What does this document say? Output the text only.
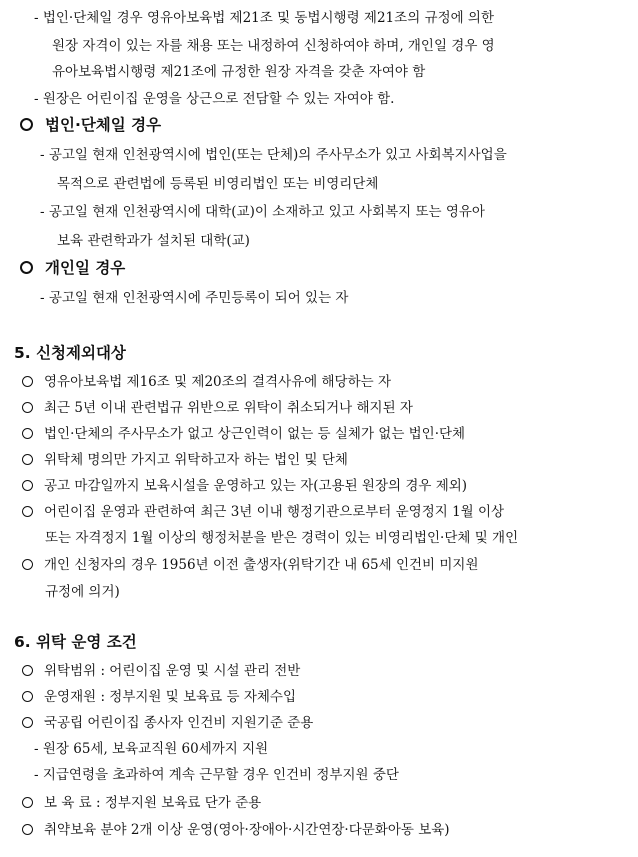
- 법인·단체일 경우 영유아보육법 제21조 및 동법시행령 제21조의 규정에 의한
원장 자격이 있는 자를 채용 또는 내정하여 신청하여야 하며, 개인일 경우 영
유아보육법시행령 제21조에 규정한 원장 자격을 갖춘 자여야 함
- 원장은 어린이집 운영을 상근으로 전담할 수 있는 자여야 함.
법인·단체일 경우
- 공고일 현재 인천광역시에 법인(또는 단체)의 주사무소가 있고 사회복지사업을
목적으로 관련법에 등록된 비영리법인 또는 비영리단체
- 공고일 현재 인천광역시에 대학(교)이 소재하고 있고 사회복지 또는 영유아
보육 관련학과가 설치된 대학(교)
개인일 경우
- 공고일 현재 인천광역시에 주민등록이 되어 있는 자
5. 신청제외대상
영유아보육법 제16조 및 제20조의 결격사유에 해당하는 자
최근 5년 이내 관련법규 위반으로 위탁이 취소되거나 해지된 자
법인·단체의 주사무소가 없고 상근인력이 없는 등 실체가 없는 법인·단체
위탁체 명의만 가지고 위탁하고자 하는 법인 및 단체
공고 마감일까지 보육시설을 운영하고 있는 자(고용된 원장의 경우 제외)
어린이집 운영과 관련하여 최근 3년 이내 행정기관으로부터 운영정지 1월 이상
또는 자격정지 1월 이상의 행정처분을 받은 경력이 있는 비영리법인·단체 및 개인
개인 신청자의 경우 1956년 이전 출생자(위탁기간 내 65세 인건비 미지원
규정에 의거)
6. 위탁 운영 조건
위탁범위 : 어린이집 운영 및 시설 관리 전반
운영재원 : 정부지원 및 보육료 등 자체수입
국공립 어린이집 종사자 인건비 지원기준 준용
- 원장 65세, 보육교직원 60세까지 지원
- 지급연령을 초과하여 계속 근무할 경우 인건비 정부지원 중단
보 육 료 : 정부지원 보육료 단가 준용
취약보육 분야 2개 이상 운영(영아·장애아·시간연장·다문화아동 보육)
